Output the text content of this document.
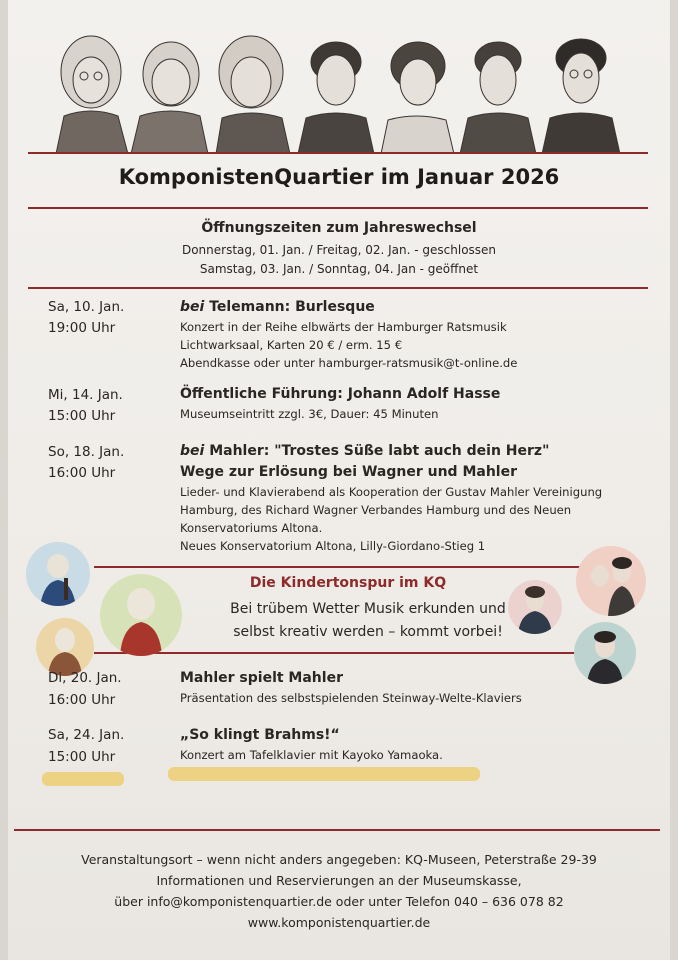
KomponistenQuartier im Januar 2026
Öffnungszeiten zum Jahreswechsel
Donnerstag, 01. Jan. / Freitag, 02. Jan. - geschlossen
Samstag, 03. Jan. / Sonntag, 04. Jan - geöffnet
Sa, 10. Jan.
19:00 Uhr
bei Telemann: Burlesque
Konzert in der Reihe elbwärts der Hamburger Ratsmusik
Lichtwarksaal, Karten 20 € / erm. 15 €
Abendkasse oder unter hamburger-ratsmusik@t-online.de
Mi, 14. Jan.
15:00 Uhr
Öffentliche Führung: Johann Adolf Hasse
Museumseintritt zzgl. 3€, Dauer: 45 Minuten
So, 18. Jan.
16:00 Uhr
bei Mahler: "Trostes Süße labt auch dein Herz"
Wege zur Erlösung bei Wagner und Mahler
Lieder- und Klavierabend als Kooperation der Gustav Mahler Vereinigung
Hamburg, des Richard Wagner Verbandes Hamburg und des Neuen
Konservatoriums Altona.
Neues Konservatorium Altona, Lilly-Giordano-Stieg 1
Die Kindertonspur im KQ
Bei trübem Wetter Musik erkunden und
selbst kreativ werden – kommt vorbei!
Di, 20. Jan.
16:00 Uhr
Mahler spielt Mahler
Präsentation des selbstspielenden Steinway-Welte-Klaviers
Sa, 24. Jan.
15:00 Uhr
„So klingt Brahms!“
Konzert am Tafelklavier mit Kayoko Yamaoka.
Veranstaltungsort – wenn nicht anders angegeben: KQ-Museen, Peterstraße 29-39
Informationen und Reservierungen an der Museumskasse,
über info@komponistenquartier.de oder unter Telefon 040 – 636 078 82
www.komponistenquartier.de
